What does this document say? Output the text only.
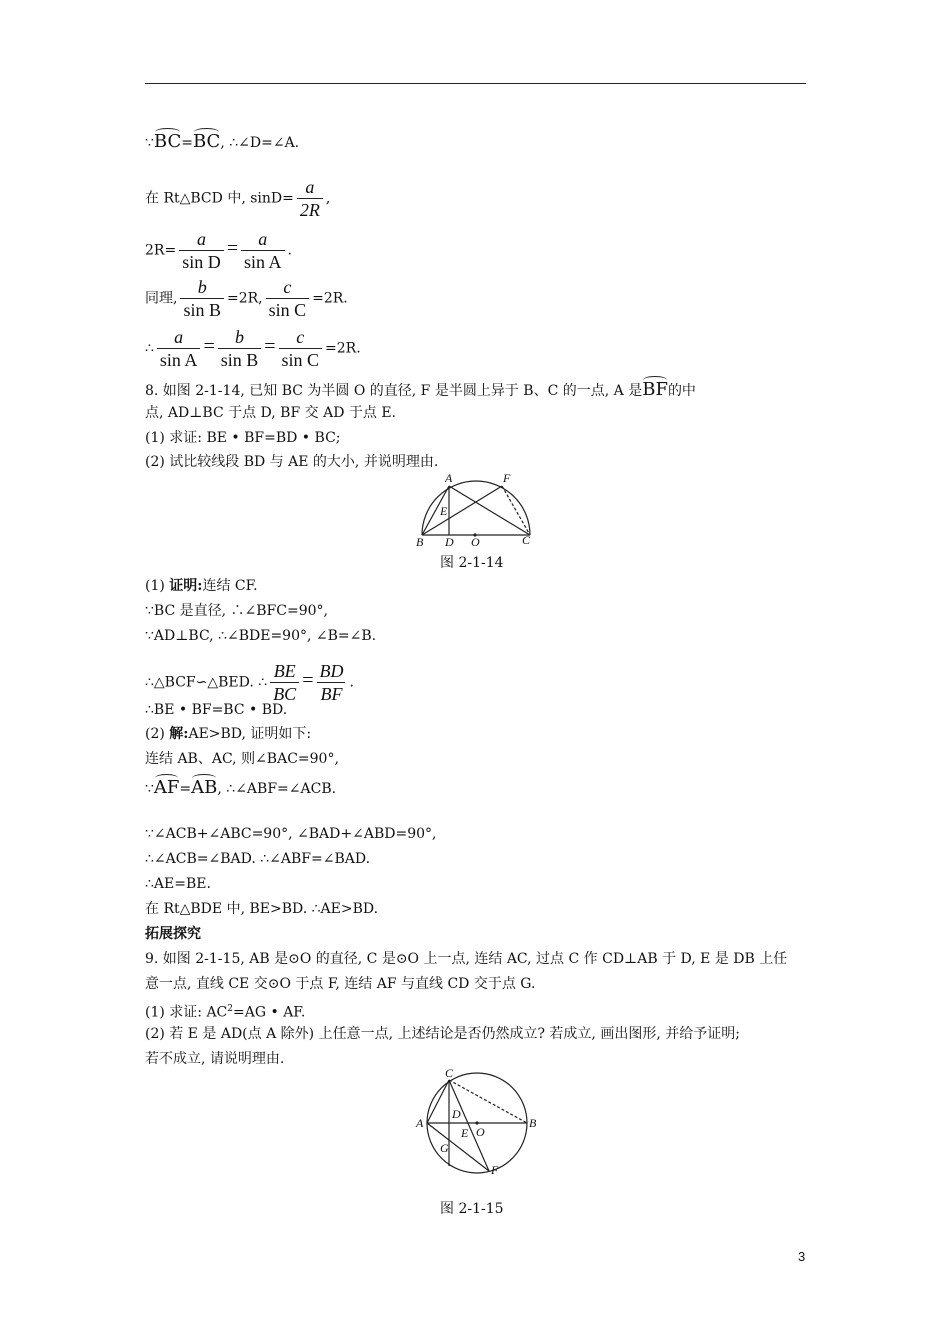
∵BC=BC, ∴∠D=∠A.
在 Rt△BCD 中, $\sin D= \frac{a}{2R}$ ,
$2R= \frac{a}{\text{sin D}} = \frac{a}{\text{sin A}}$ .
同理, $\frac{b}{\text{sin B}} =2R$, $\frac{c}{\text{sin C}} =2R$.
∴ $\frac{a}{\text{sin A}} = \frac{b}{\text{sin B}} = \frac{c}{\text{sin C}} =2R$.
8. 如图 2-1-14, 已知 BC 为半圆 O 的直径, F 是半圆上异于 B、C 的一点, A 是BF的中
点, AD⊥BC 于点 D, BF 交 AD 于点 E.
(1) 求证: BE • BF=BD • BC;
(2) 试比较线段 BD 与 AE 的大小, 并说明理由.
A	F
E
B D O	C
图 2-1-14
(1) 证明:连结 CF.
∵BC 是直径, ∴∠BFC=90°,
∵AD⊥BC, ∴∠BDE=90°, ∠B=∠B.
∴△BCF∽△BED. ∴ $\frac{BE}{BC} = \frac{BD}{BF}$ .
∴BE • BF=BC • BD.
(2) 解:AE>BD, 证明如下:
连结 AB、AC, 则∠BAC=90°,
∵AF=AB, ∴∠ABF=∠ACB.
∵∠ACB+∠ABC=90°, ∠BAD+∠ABD=90°,
∴∠ACB=∠BAD. ∴∠ABF=∠BAD.
∴AE=BE.
在 Rt△BDE 中, BE>BD. ∴AE>BD.
拓展探究
9. 如图 2-1-15, AB 是⊙O 的直径, C 是⊙O 上一点, 连结 AC, 过点 C 作 CD⊥AB 于 D, E 是 DB 上任
意一点, 直线 CE 交⊙O 于点 F, 连结 AF 与直线 CD 交于点 G.
(1) 求证: $AC^2=AG$ • AF.
(2) 若 E 是 AD(点 A 除外) 上任意一点, 上述结论是否仍然成立? 若成立, 画出图形, 并给予证明;
若不成立, 请说明理由.
C
A
D
E O
B
G
F
图 2-1-15
3
